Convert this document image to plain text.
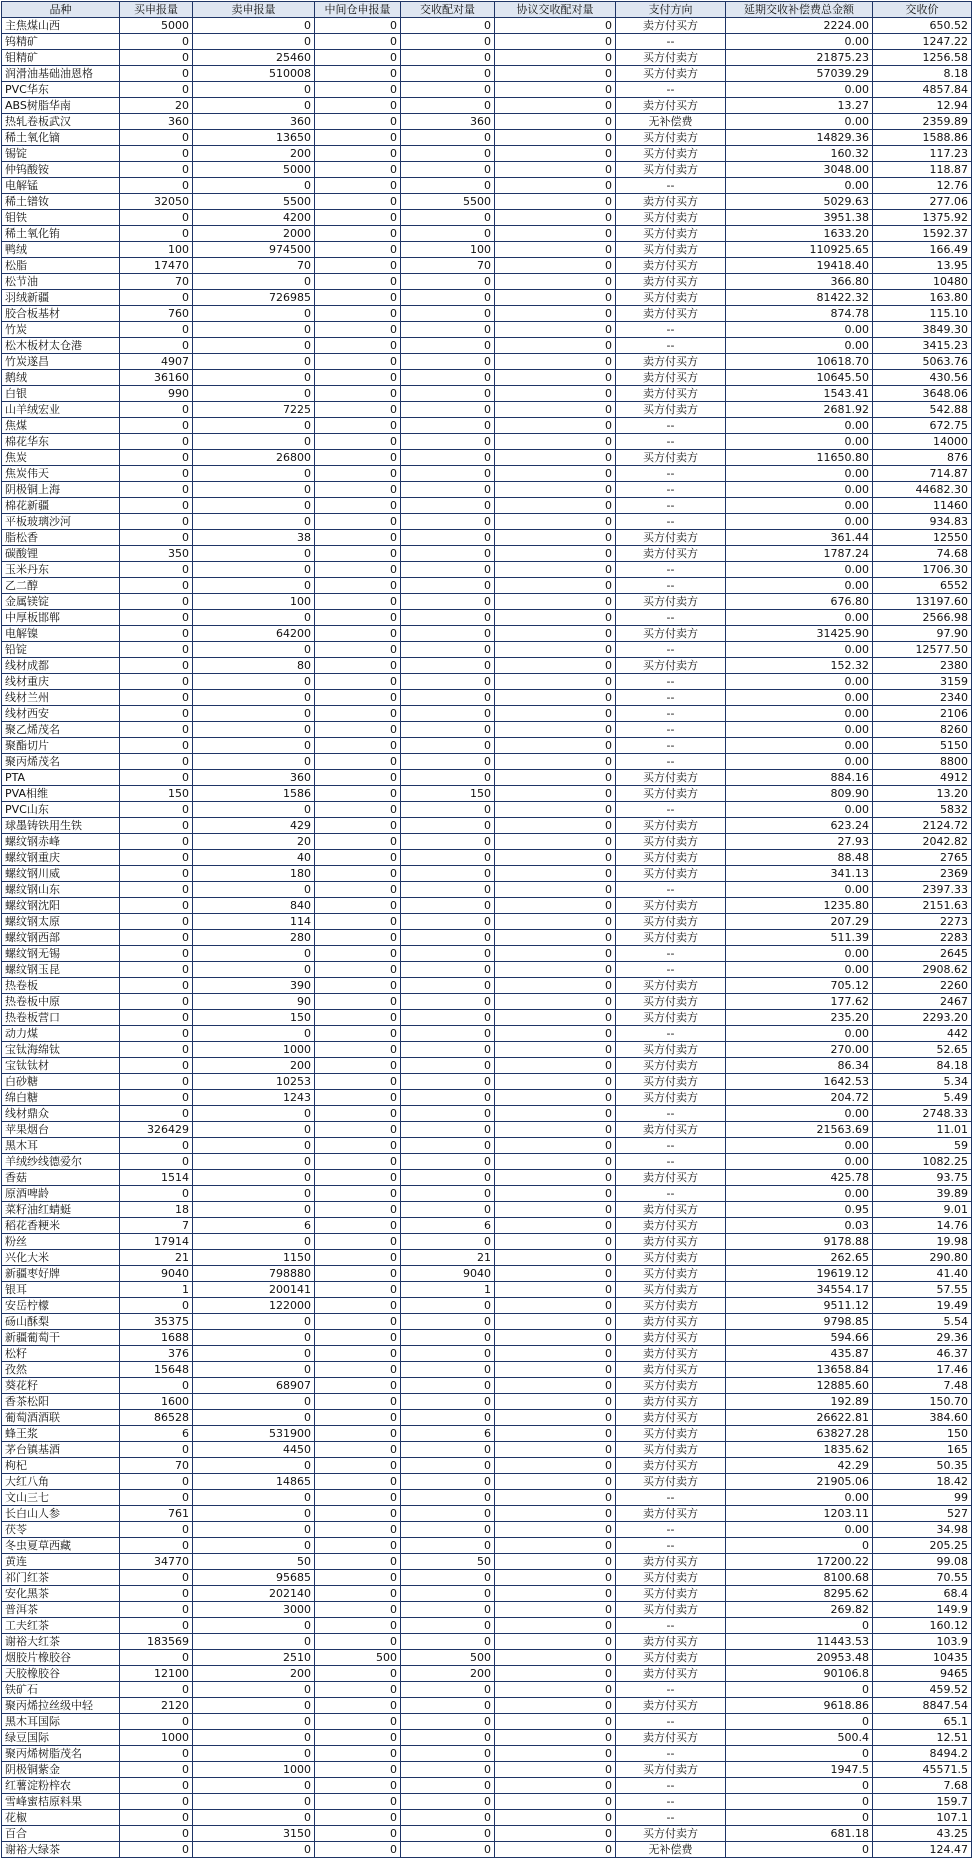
品种	买申报量	卖申报量	中间仓申报量	交收配对量	协议交收配对量	支付方向	延期交收补偿费总金额	交收价
主焦煤山西	5000	0	0	0	0	卖方付买方	2224.00	650.52
钨精矿	0	0	0	0	0	--	0.00	1247.22
钼精矿	0	25460	0	0	0	买方付卖方	21875.23	1256.58
润滑油基础油恩格	0	510008	0	0	0	买方付卖方	57039.29	8.18
PVC华东	0	0	0	0	0	--	0.00	4857.84
ABS树脂华南	20	0	0	0	0	卖方付买方	13.27	12.94
热轧卷板武汉	360	360	0	360	0	无补偿费	0.00	2359.89
稀土氧化镝	0	13650	0	0	0	买方付卖方	14829.36	1588.86
锡锭	0	200	0	0	0	买方付卖方	160.32	117.23
仲钨酸铵	0	5000	0	0	0	买方付卖方	3048.00	118.87
电解锰	0	0	0	0	0	--	0.00	12.76
稀土镨钕	32050	5500	0	5500	0	卖方付买方	5029.63	277.06
钼铁	0	4200	0	0	0	买方付卖方	3951.38	1375.92
稀土氧化铕	0	2000	0	0	0	买方付卖方	1633.20	1592.37
鸭绒	100	974500	0	100	0	买方付卖方	110925.65	166.49
松脂	17470	70	0	70	0	卖方付买方	19418.40	13.95
松节油	70	0	0	0	0	卖方付买方	366.80	10480
羽绒新疆	0	726985	0	0	0	买方付卖方	81422.32	163.80
胶合板基材	760	0	0	0	0	卖方付买方	874.78	115.10
竹炭	0	0	0	0	0	--	0.00	3849.30
松木板材太仓港	0	0	0	0	0	--	0.00	3415.23
竹炭遂昌	4907	0	0	0	0	卖方付买方	10618.70	5063.76
鹅绒	36160	0	0	0	0	卖方付买方	10645.50	430.56
白银	990	0	0	0	0	卖方付买方	1543.41	3648.06
山羊绒宏业	0	7225	0	0	0	买方付卖方	2681.92	542.88
焦煤	0	0	0	0	0	--	0.00	672.75
棉花华东	0	0	0	0	0	--	0.00	14000
焦炭	0	26800	0	0	0	买方付卖方	11650.80	876
焦炭伟天	0	0	0	0	0	--	0.00	714.87
阴极铜上海	0	0	0	0	0	--	0.00	44682.30
棉花新疆	0	0	0	0	0	--	0.00	11460
平板玻璃沙河	0	0	0	0	0	--	0.00	934.83
脂松香	0	38	0	0	0	买方付卖方	361.44	12550
碳酸锂	350	0	0	0	0	卖方付买方	1787.24	74.68
玉米丹东	0	0	0	0	0	--	0.00	1706.30
乙二醇	0	0	0	0	0	--	0.00	6552
金属镁锭	0	100	0	0	0	买方付卖方	676.80	13197.60
中厚板邯郸	0	0	0	0	0	--	0.00	2566.98
电解镍	0	64200	0	0	0	买方付卖方	31425.90	97.90
铅锭	0	0	0	0	0	--	0.00	12577.50
线材成都	0	80	0	0	0	买方付卖方	152.32	2380
线材重庆	0	0	0	0	0	--	0.00	3159
线材兰州	0	0	0	0	0	--	0.00	2340
线材西安	0	0	0	0	0	--	0.00	2106
聚乙烯茂名	0	0	0	0	0	--	0.00	8260
聚酯切片	0	0	0	0	0	--	0.00	5150
聚丙烯茂名	0	0	0	0	0	--	0.00	8800
PTA	0	360	0	0	0	买方付卖方	884.16	4912
PVA相维	150	1586	0	150	0	买方付卖方	809.90	13.20
PVC山东	0	0	0	0	0	--	0.00	5832
球墨铸铁用生铁	0	429	0	0	0	买方付卖方	623.24	2124.72
螺纹钢赤峰	0	20	0	0	0	买方付卖方	27.93	2042.82
螺纹钢重庆	0	40	0	0	0	买方付卖方	88.48	2765
螺纹钢川威	0	180	0	0	0	买方付卖方	341.13	2369
螺纹钢山东	0	0	0	0	0	--	0.00	2397.33
螺纹钢沈阳	0	840	0	0	0	买方付卖方	1235.80	2151.63
螺纹钢太原	0	114	0	0	0	买方付卖方	207.29	2273
螺纹钢西部	0	280	0	0	0	买方付卖方	511.39	2283
螺纹钢无锡	0	0	0	0	0	--	0.00	2645
螺纹钢玉昆	0	0	0	0	0	--	0.00	2908.62
热卷板	0	390	0	0	0	买方付卖方	705.12	2260
热卷板中原	0	90	0	0	0	买方付卖方	177.62	2467
热卷板营口	0	150	0	0	0	买方付卖方	235.20	2293.20
动力煤	0	0	0	0	0	--	0.00	442
宝钛海绵钛	0	1000	0	0	0	买方付卖方	270.00	52.65
宝钛钛材	0	200	0	0	0	买方付卖方	86.34	84.18
白砂糖	0	10253	0	0	0	买方付卖方	1642.53	5.34
绵白糖	0	1243	0	0	0	买方付卖方	204.72	5.49
线材鼎众	0	0	0	0	0	--	0.00	2748.33
苹果烟台	326429	0	0	0	0	卖方付买方	21563.69	11.01
黑木耳	0	0	0	0	0	--	0.00	59
羊绒纱线德爱尔	0	0	0	0	0	--	0.00	1082.25
香菇	1514	0	0	0	0	卖方付买方	425.78	93.75
原酒啤龄	0	0	0	0	0	--	0.00	39.89
菜籽油红蜻蜓	18	0	0	0	0	卖方付买方	0.95	9.01
稻花香粳米	7	6	0	6	0	卖方付买方	0.03	14.76
粉丝	17914	0	0	0	0	卖方付买方	9178.88	19.98
兴化大米	21	1150	0	21	0	买方付卖方	262.65	290.80
新疆枣好牌	9040	798880	0	9040	0	买方付卖方	19619.12	41.40
银耳	1	200141	0	1	0	买方付卖方	34554.17	57.55
安岳柠檬	0	122000	0	0	0	买方付卖方	9511.12	19.49
砀山酥梨	35375	0	0	0	0	卖方付买方	9798.85	5.54
新疆葡萄干	1688	0	0	0	0	卖方付买方	594.66	29.36
松籽	376	0	0	0	0	卖方付买方	435.87	46.37
孜然	15648	0	0	0	0	卖方付买方	13658.84	17.46
葵花籽	0	68907	0	0	0	买方付卖方	12885.60	7.48
香茶松阳	1600	0	0	0	0	卖方付买方	192.89	150.70
葡萄酒酒联	86528	0	0	0	0	卖方付买方	26622.81	384.60
蜂王浆	6	531900	0	6	0	买方付卖方	63827.28	150
茅台镇基酒	0	4450	0	0	0	买方付卖方	1835.62	165
枸杞	70	0	0	0	0	卖方付买方	42.29	50.35
大红八角	0	14865	0	0	0	买方付卖方	21905.06	18.42
文山三七	0	0	0	0	0	--	0.00	99
长白山人参	761	0	0	0	0	卖方付买方	1203.11	527
茯苓	0	0	0	0	0	--	0.00	34.98
冬虫夏草西藏	0	0	0	0	0	--	0	205.25
黄连	34770	50	0	50	0	卖方付买方	17200.22	99.08
祁门红茶	0	95685	0	0	0	买方付卖方	8100.68	70.55
安化黑茶	0	202140	0	0	0	买方付卖方	8295.62	68.4
普洱茶	0	3000	0	0	0	买方付卖方	269.82	149.9
工夫红茶	0	0	0	0	0	--	0	160.12
谢裕大红茶	183569	0	0	0	0	卖方付买方	11443.53	103.9
烟胶片橡胶谷	0	2510	500	500	0	买方付卖方	20953.48	10435
天胶橡胶谷	12100	200	0	200	0	卖方付买方	90106.8	9465
铁矿石	0	0	0	0	0	--	0	459.52
聚丙烯拉丝级中轻	2120	0	0	0	0	卖方付买方	9618.86	8847.54
黑木耳国际	0	0	0	0	0	--	0	65.1
绿豆国际	1000	0	0	0	0	卖方付买方	500.4	12.51
聚丙烯树脂茂名	0	0	0	0	0	--	0	8494.2
阴极铜紫金	0	1000	0	0	0	买方付卖方	1947.5	45571.5
红薯淀粉梓农	0	0	0	0	0	--	0	7.68
雪峰蜜桔原料果	0	0	0	0	0	--	0	159.7
花椒	0	0	0	0	0	--	0	107.1
百合	0	3150	0	0	0	买方付卖方	681.18	43.25
谢裕大绿茶	0	0	0	0	0	无补偿费	0	124.47
